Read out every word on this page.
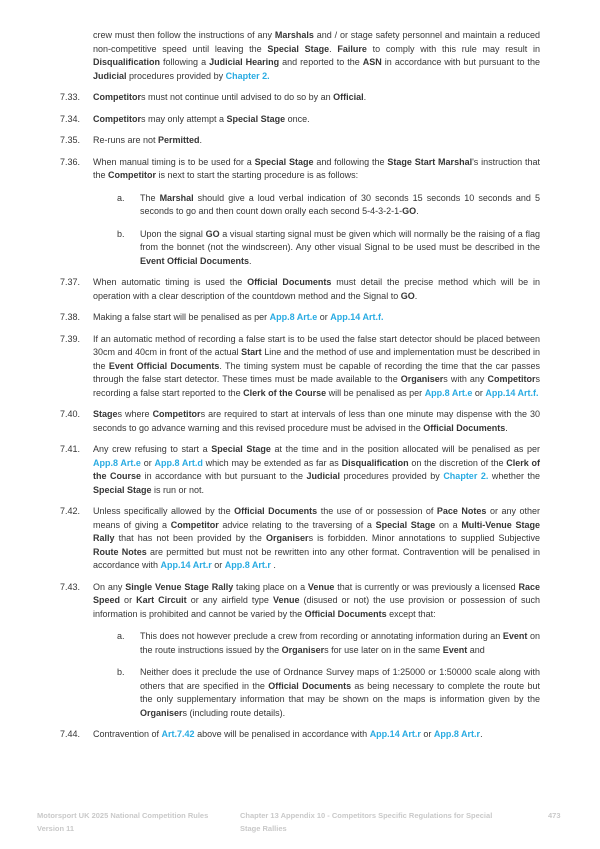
crew must then follow the instructions of any Marshals and / or stage safety personnel and maintain a reduced non-competitive speed until leaving the Special Stage. Failure to comply with this rule may result in Disqualification following a Judicial Hearing and reported to the ASN in accordance with but pursuant to the Judicial procedures provided by Chapter 2.
7.33.	Competitors must not continue until advised to do so by an Official.
7.34.	Competitors may only attempt a Special Stage once.
7.35.	Re-runs are not Permitted.
7.36.	When manual timing is to be used for a Special Stage and following the Stage Start Marshal's instruction that the Competitor is next to start the starting procedure is as follows:
a.	The Marshal should give a loud verbal indication of 30 seconds 15 seconds 10 seconds and 5 seconds to go and then count down orally each second 5-4-3-2-1-GO.
b.	Upon the signal GO a visual starting signal must be given which will normally be the raising of a flag from the bonnet (not the windscreen). Any other visual Signal to be used must be described in the Event Official Documents.
7.37.	When automatic timing is used the Official Documents must detail the precise method which will be in operation with a clear description of the countdown method and the Signal to GO.
7.38.	Making a false start will be penalised as per App.8 Art.e or App.14 Art.f.
7.39.	If an automatic method of recording a false start is to be used the false start detector should be placed between 30cm and 40cm in front of the actual Start Line and the method of use and implementation must be described in the Event Official Documents. The timing system must be capable of recording the time that the car passes through the false start detector. These times must be made available to the Organisers with any Competitors recording a false start reported to the Clerk of the Course will be penalised as per App.8 Art.e or App.14 Art.f.
7.40.	Stages where Competitors are required to start at intervals of less than one minute may dispense with the 30 seconds to go advance warning and this revised procedure must be advised in the Official Documents.
7.41.	Any crew refusing to start a Special Stage at the time and in the position allocated will be penalised as per App.8 Art.e or App.8 Art.d which may be extended as far as Disqualification on the discretion of the Clerk of the Course in accordance with but pursuant to the Judicial procedures provided by Chapter 2. whether the Special Stage is run or not.
7.42.	Unless specifically allowed by the Official Documents the use of or possession of Pace Notes or any other means of giving a Competitor advice relating to the traversing of a Special Stage on a Multi-Venue Stage Rally that has not been provided by the Organisers is forbidden. Minor annotations to supplied Subjective Route Notes are permitted but must not be rewritten into any other format. Contravention will be penalised in accordance with App.14 Art.r or App.8 Art.r .
7.43.	On any Single Venue Stage Rally taking place on a Venue that is currently or was previously a licensed Race Speed or Kart Circuit or any airfield type Venue (disused or not) the use provision or possession of such information is prohibited and cannot be varied by the Official Documents except that:
a.	This does not however preclude a crew from recording or annotating information during an Event on the route instructions issued by the Organisers for use later on in the same Event and
b.	Neither does it preclude the use of Ordnance Survey maps of 1:25000 or 1:50000 scale along with others that are specified in the Official Documents as being necessary to complete the route but the only supplementary information that may be shown on the maps is information given by the Organisers (including route details).
7.44.	Contravention of Art.7.42 above will be penalised in accordance with App.14 Art.r or App.8 Art.r.
Motorsport UK 2025 National Competition Rules
Version 11
Chapter 13 Appendix 10 - Competitors Specific Regulations for Special
Stage Rallies
473
